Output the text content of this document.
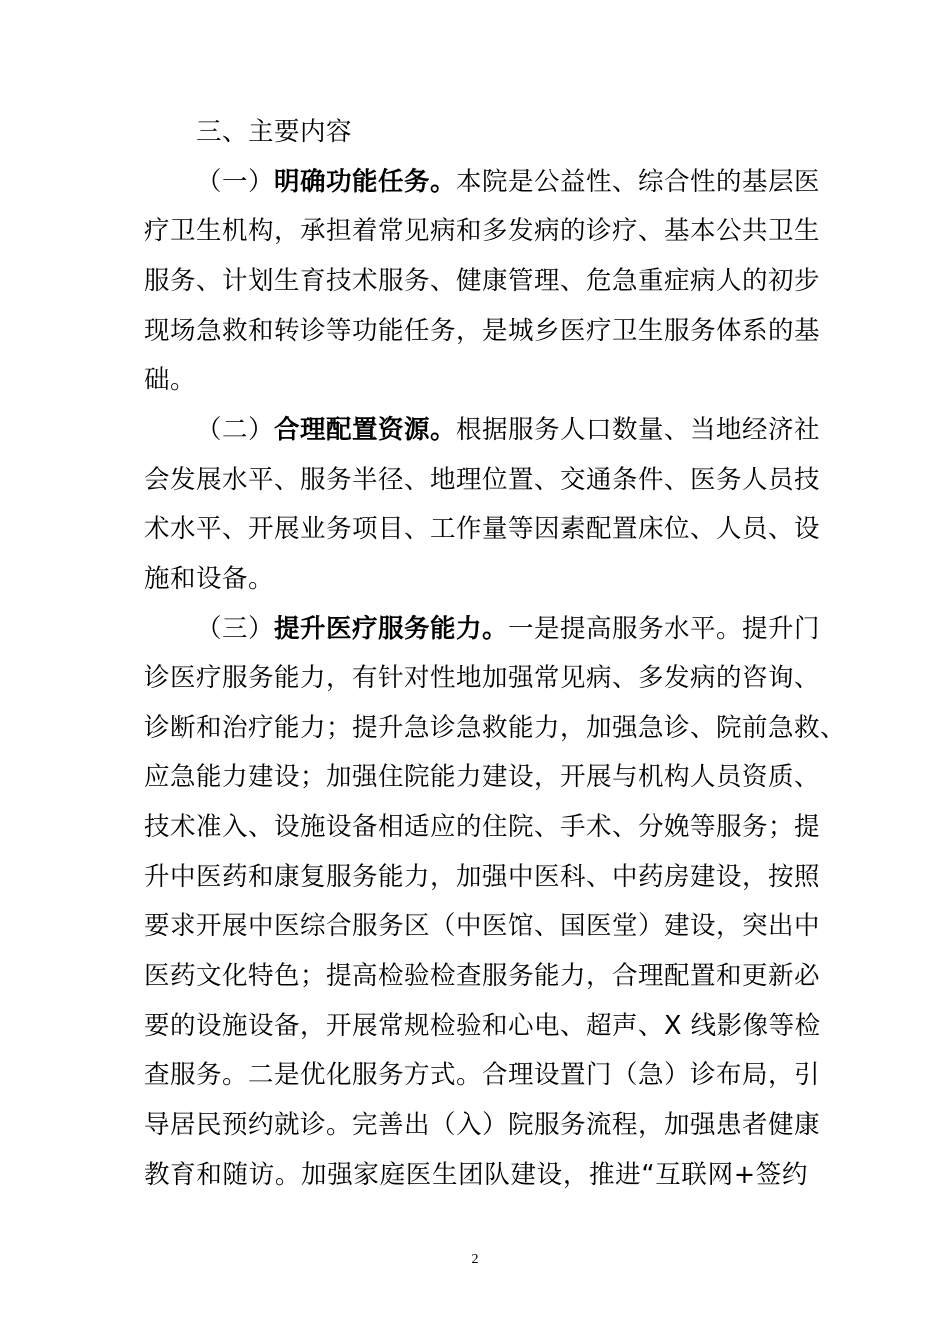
三、主要内容
（一）明确功能任务。本院是公益性、综合性的基层医
疗卫生机构，承担着常见病和多发病的诊疗、基本公共卫生
服务、计划生育技术服务、健康管理、危急重症病人的初步
现场急救和转诊等功能任务，是城乡医疗卫生服务体系的基
础。
（二）合理配置资源。根据服务人口数量、当地经济社
会发展水平、服务半径、地理位置、交通条件、医务人员技
术水平、开展业务项目、工作量等因素配置床位、人员、设
施和设备。
（三）提升医疗服务能力。一是提高服务水平。提升门
诊医疗服务能力，有针对性地加强常见病、多发病的咨询、
诊断和治疗能力；提升急诊急救能力，加强急诊、院前急救、
应急能力建设；加强住院能力建设，开展与机构人员资质、
技术准入、设施设备相适应的住院、手术、分娩等服务；提
升中医药和康复服务能力，加强中医科、中药房建设，按照
要求开展中医综合服务区（中医馆、国医堂）建设，突出中
医药文化特色；提高检验检查服务能力，合理配置和更新必
要的设施设备，开展常规检验和心电、超声、X 线影像等检
查服务。二是优化服务方式。合理设置门（急）诊布局，引
导居民预约就诊。完善出（入）院服务流程，加强患者健康
教育和随访。加强家庭医生团队建设，推进“互联网+签约
2
